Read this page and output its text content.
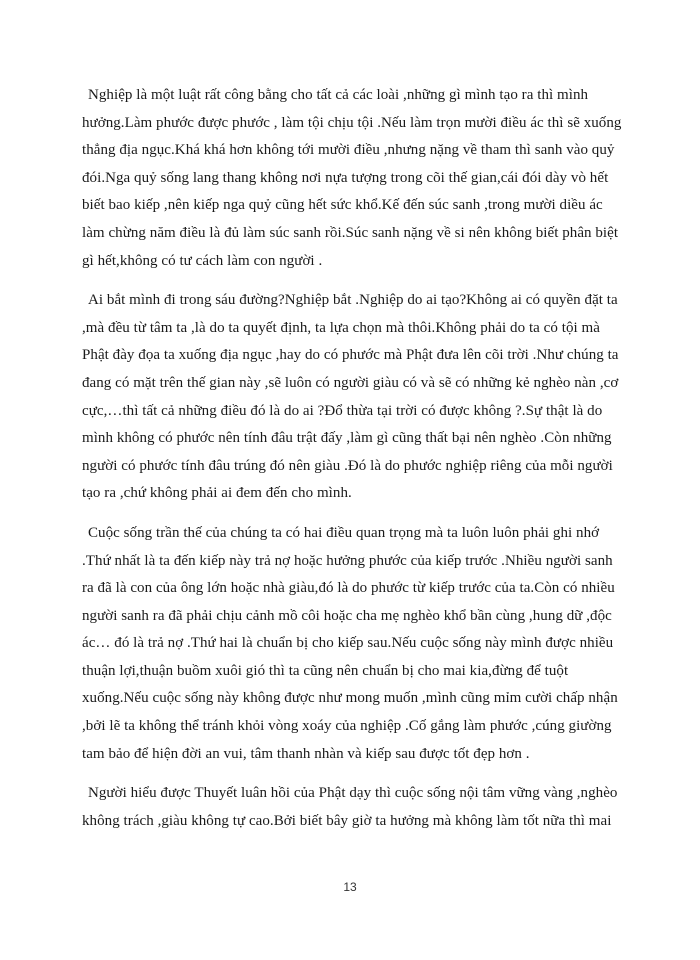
Nghiệp là một luật rất công bằng cho tất cả các loài ,những gì mình tạo ra thì mình hưởng.Làm phước được phước , làm tội chịu tội .Nếu làm trọn mười điều ác thì sẽ xuống thẳng địa ngục.Khá khá hơn không tới mười điều ,nhưng nặng về tham thì sanh vào quỷ đói.Nga quỷ sống lang thang không nơi nựa tượng trong cõi thế gian,cái đói dày vò hết biết bao kiếp ,nên kiếp nga quỷ cũng hết sức khổ.Kế đến súc sanh ,trong mười diều ác làm chừng năm điều là đủ làm súc sanh rồi.Súc sanh nặng về si nên không biết phân biệt gì hết,không có tư cách làm con người .

Ai bắt mình đi trong sáu đường?Nghiệp bắt .Nghiệp do ai tạo?Không ai có quyền đặt ta ,mà đều từ tâm ta ,là do ta quyết định, ta lựa chọn mà thôi.Không phải do ta có tội mà Phật đày đọa ta xuống địa ngục ,hay do có phước mà Phật đưa lên cõi trời .Như chúng ta đang có mặt trên thế gian này ,sẽ luôn có người giàu có và sẽ có những kẻ nghèo nàn ,cơ cực,…thì tất cả những điều đó là do ai ?Đổ thừa tại trời có được không ?.Sự thật là do mình không có phước nên tính đâu trật đấy ,làm gì cũng thất bại nên nghèo .Còn những người có phước tính đâu trúng đó nên giàu .Đó là do phước nghiệp riêng của mỗi người tạo ra ,chứ không phải ai đem đến cho mình.

Cuộc sống trần thế của chúng ta có hai điều quan trọng mà ta luôn luôn phải ghi nhớ .Thứ nhất là ta đến kiếp này trả nợ hoặc hưởng phước của kiếp trước .Nhiều người sanh ra đã là con của ông lớn hoặc nhà giàu,đó là do phước từ kiếp trước của ta.Còn có nhiều người sanh ra đã phải chịu cảnh mồ côi hoặc cha mẹ nghèo khổ bần cùng ,hung dữ ,độc ác… đó là trả nợ .Thứ hai là chuẩn bị cho kiếp sau.Nếu cuộc sống này mình được nhiều thuận lợi,thuận buồm xuôi gió thì ta cũng nên chuẩn bị cho mai kia,đừng để tuột xuống.Nếu cuộc sống này không được như mong muốn ,mình cũng mỉm cười chấp nhận ,bởi lẽ ta không thể tránh khỏi vòng xoáy của nghiệp .Cố gắng làm phước ,cúng giường tam bảo để hiện đời an vui, tâm thanh nhàn và kiếp sau được tốt đẹp hơn .

Người hiểu được Thuyết luân hồi của Phật dạy thì cuộc sống nội tâm vững vàng ,nghèo không trách ,giàu không tự cao.Bởi biết bây giờ ta hưởng mà không làm tốt nữa thì mai

13
